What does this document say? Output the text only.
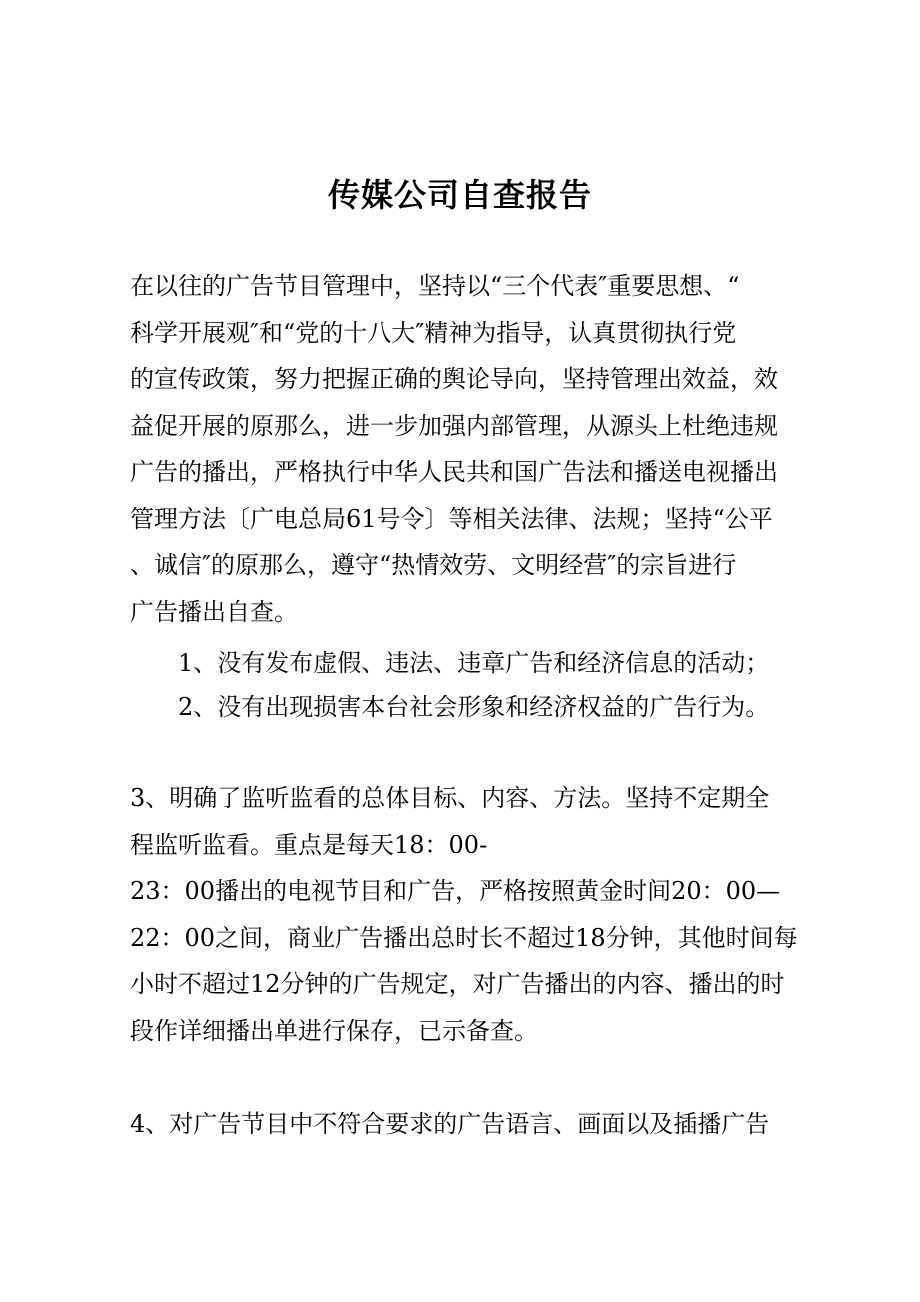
传媒公司自查报告
在以往的广告节目管理中，坚持以“三个代表″重要思想、“
科学开展观″和“党的十八大″精神为指导，认真贯彻执行党
的宣传政策，努力把握正确的舆论导向，坚持管理出效益，效
益促开展的原那么，进一步加强内部管理，从源头上杜绝违规
广告的播出，严格执行中华人民共和国广告法和播送电视播出
管理方法〔广电总局61号令〕等相关法律、法规；坚持“公平
、诚信″的原那么，遵守“热情效劳、文明经营″的宗旨进行
广告播出自查。

1、没有发布虚假、违法、违章广告和经济信息的活动；

2、没有出现损害本台社会形象和经济权益的广告行为。

3、明确了监听监看的总体目标、内容、方法。坚持不定期全
程监听监看。重点是每天18：00-
23：00播出的电视节目和广告，严格按照黄金时间20：00—
22：00之间，商业广告播出总时长不超过18分钟，其他时间每
小时不超过12分钟的广告规定，对广告播出的内容、播出的时
段作详细播出单进行保存，已示备查。
4、对广告节目中不符合要求的广告语言、画面以及插播广告
